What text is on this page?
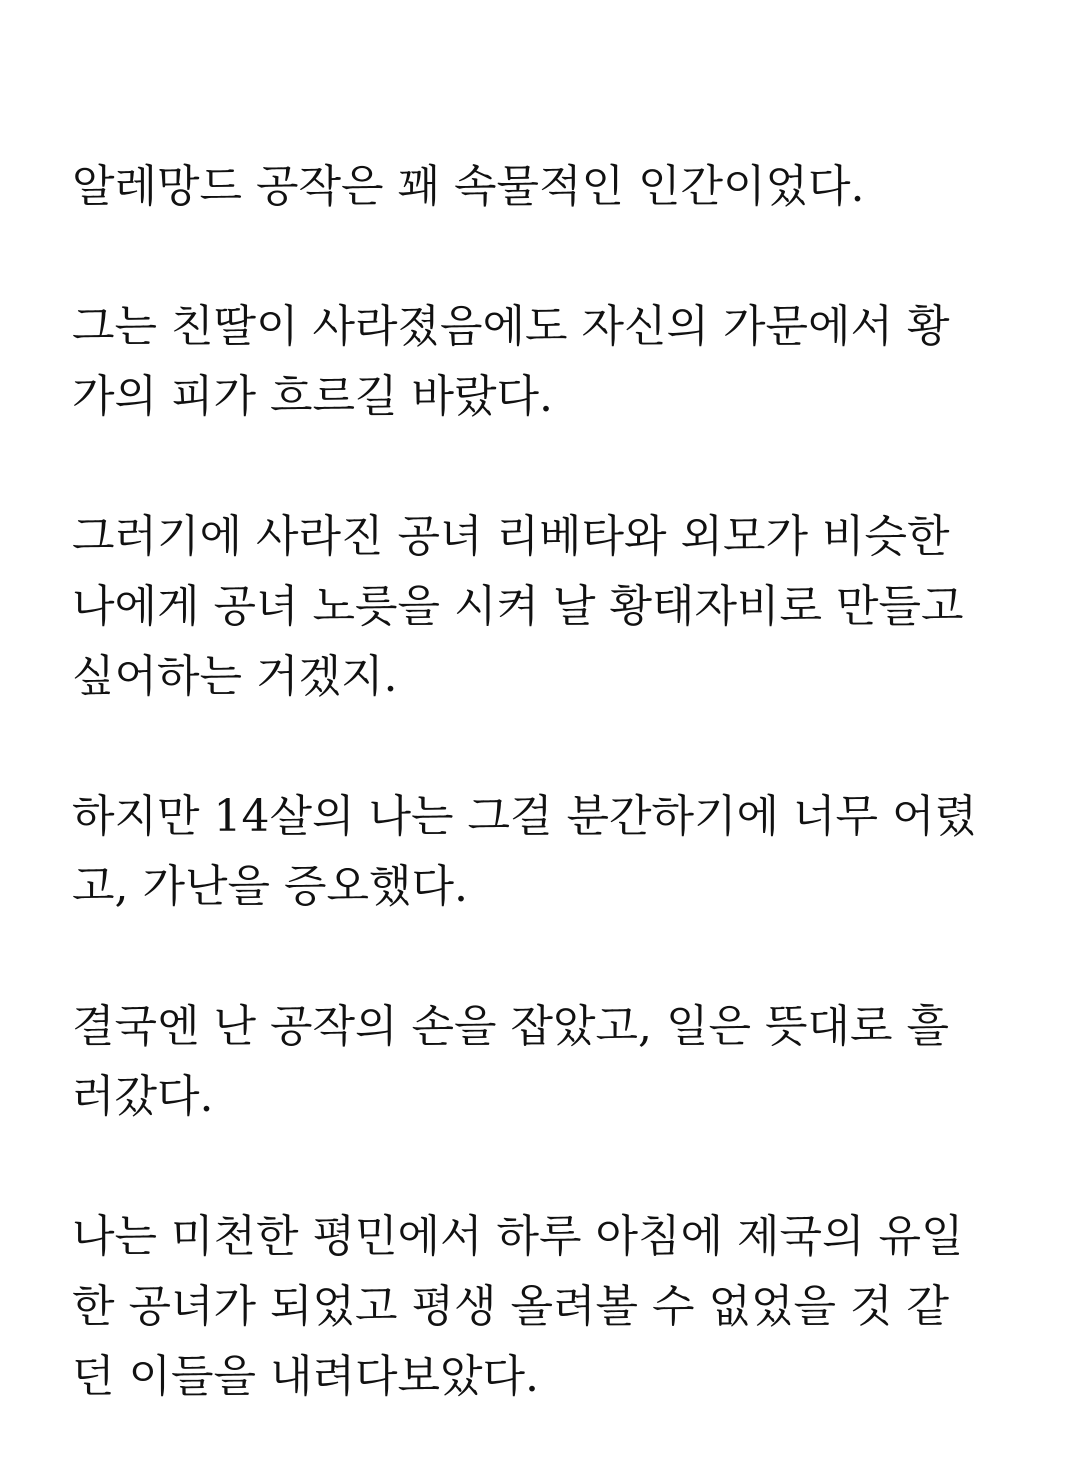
알레망드 공작은 꽤 속물적인 인간이었다.

그는 친딸이 사라졌음에도 자신의 가문에서 황
가의 피가 흐르길 바랐다.

그러기에 사라진 공녀 리베타와 외모가 비슷한
나에게 공녀 노릇을 시켜 날 황태자비로 만들고
싶어하는 거겠지.

하지만 14살의 나는 그걸 분간하기에 너무 어렸
고, 가난을 증오했다.

결국엔 난 공작의 손을 잡았고, 일은 뜻대로 흘
러갔다.

나는 미천한 평민에서 하루 아침에 제국의 유일
한 공녀가 되었고 평생 올려볼 수 없었을 것 같
던 이들을 내려다보았다.
